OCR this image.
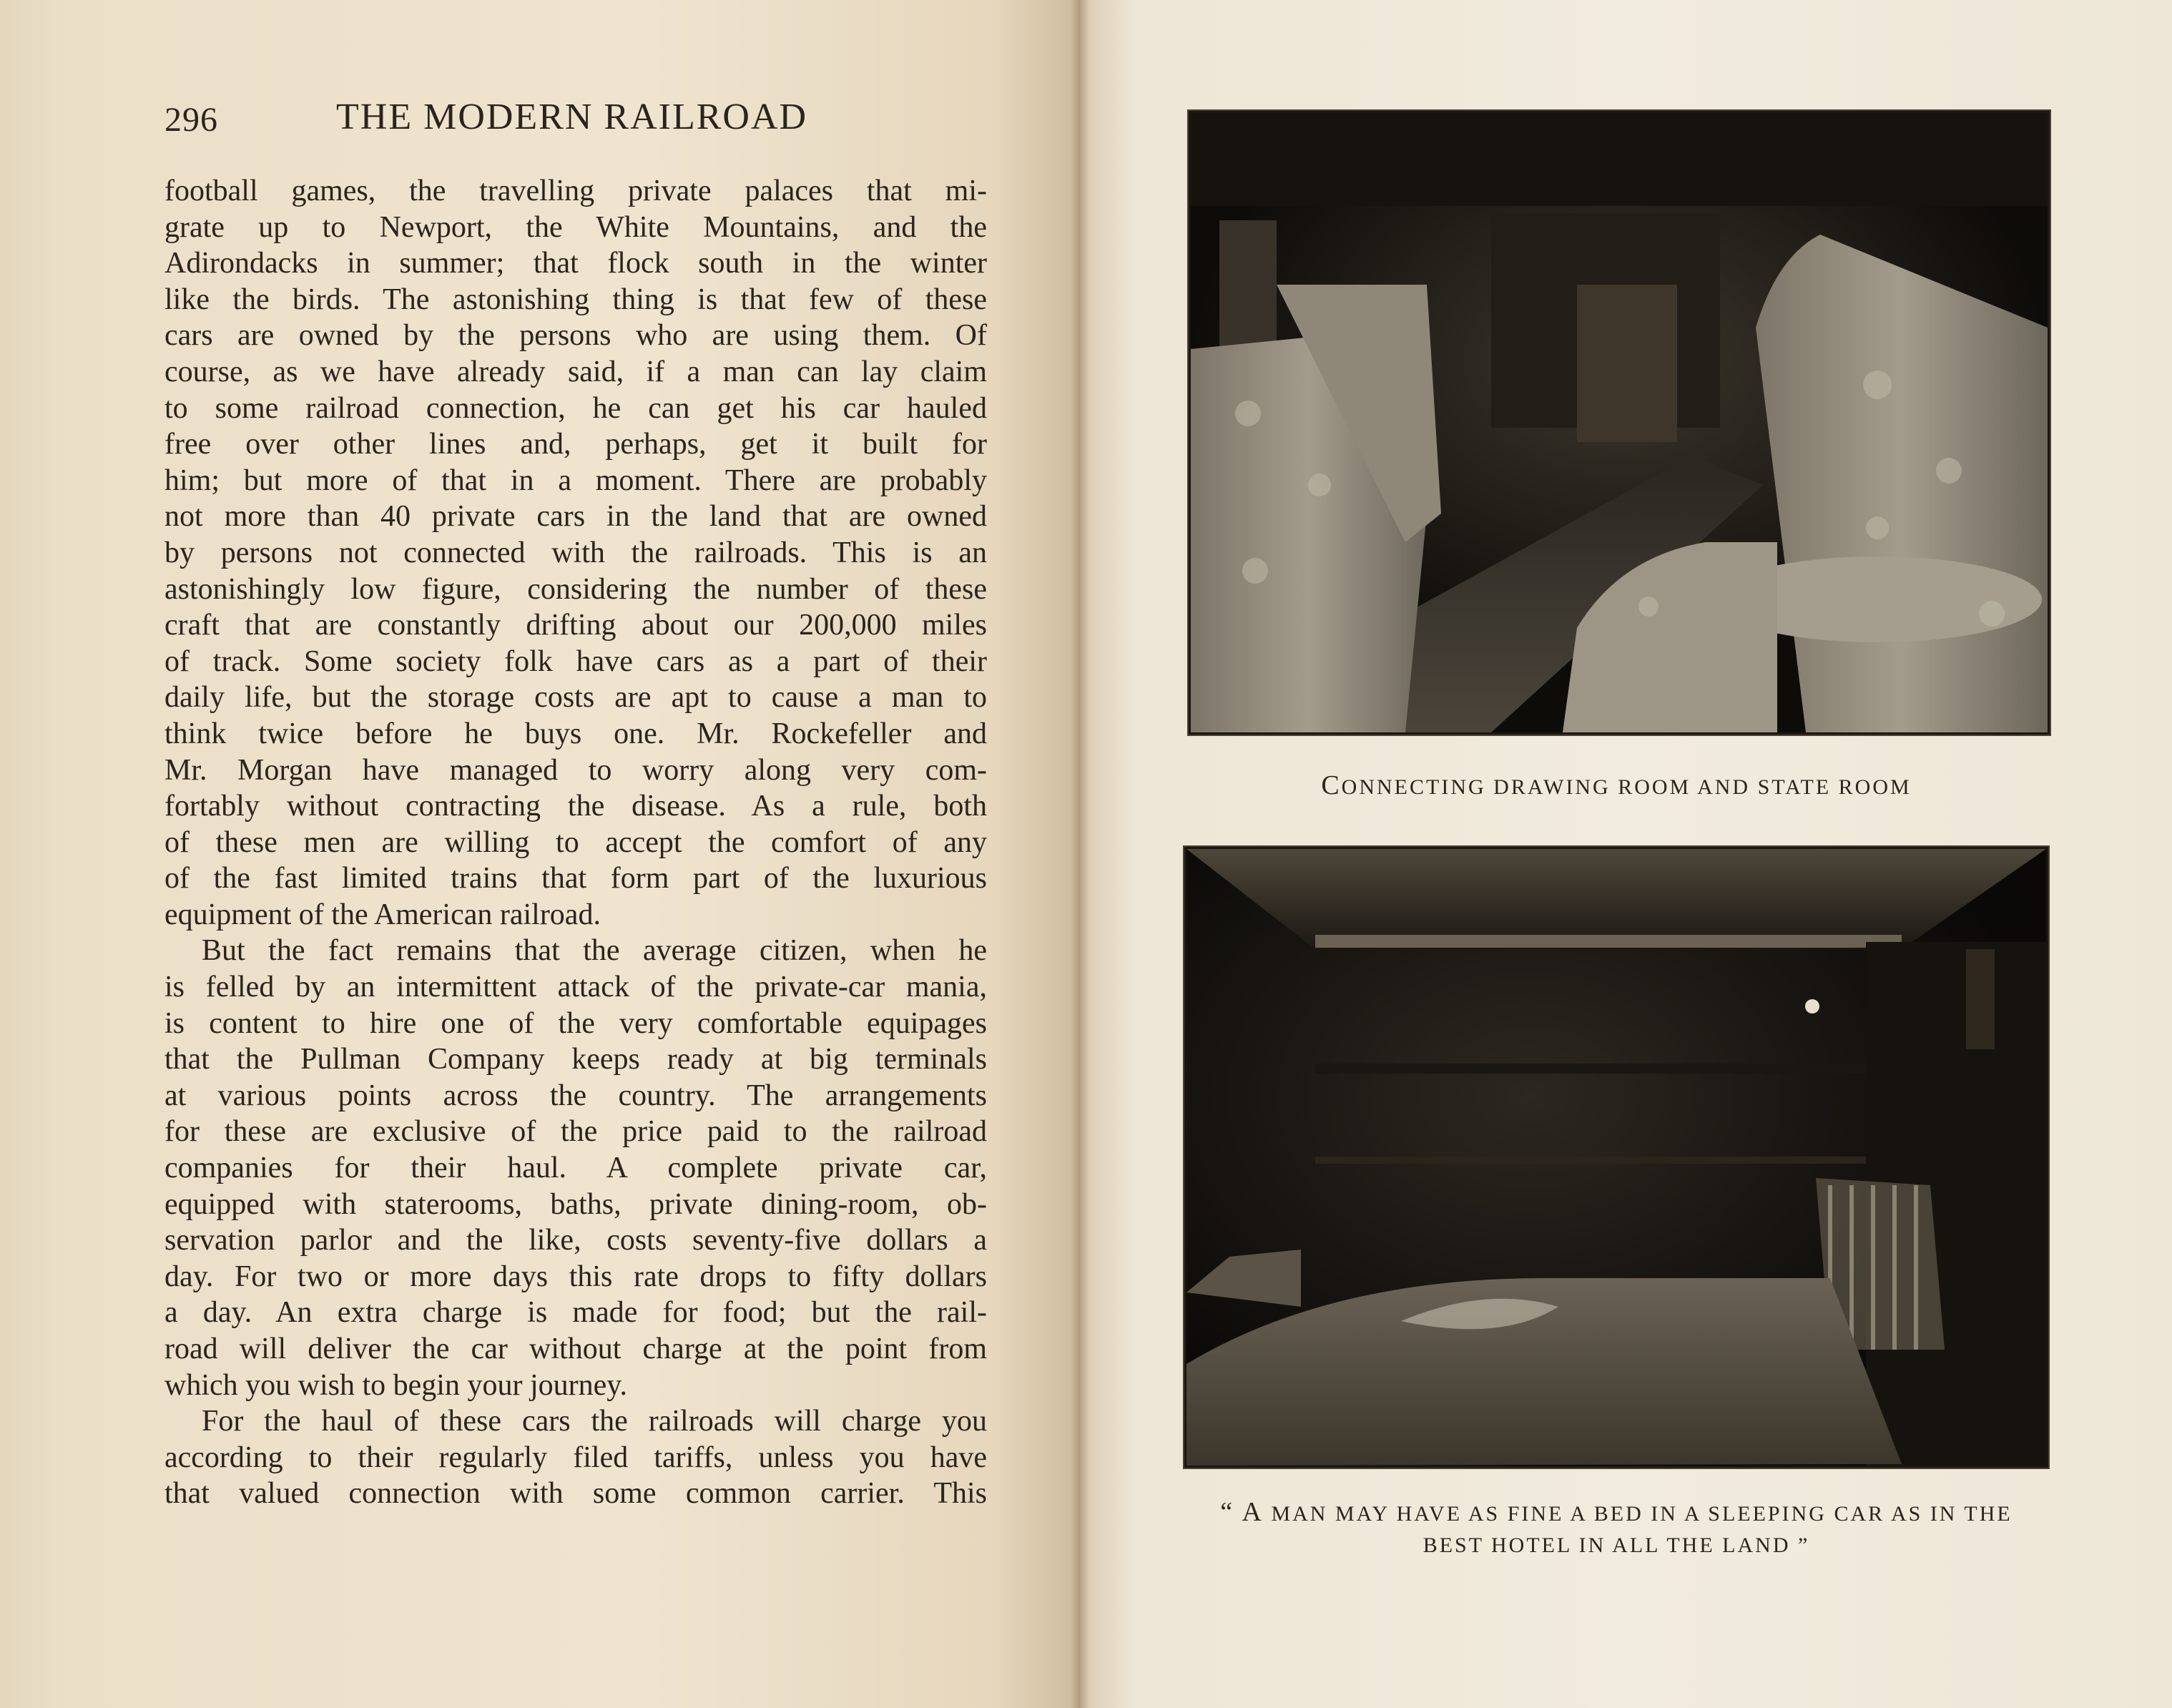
296	THE MODERN RAILROAD
football games, the travelling private palaces that mi-
grate up to Newport, the White Mountains, and the
Adirondacks in summer; that flock south in the winter
like the birds. The astonishing thing is that few of these
cars are owned by the persons who are using them. Of
course, as we have already said, if a man can lay claim
to some railroad connection, he can get his car hauled
free over other lines and, perhaps, get it built for
him; but more of that in a moment. There are probably
not more than 40 private cars in the land that are owned
by persons not connected with the railroads. This is an
astonishingly low figure, considering the number of these
craft that are constantly drifting about our 200,000 miles
of track. Some society folk have cars as a part of their
daily life, but the storage costs are apt to cause a man to
think twice before he buys one. Mr. Rockefeller and
Mr. Morgan have managed to worry along very com-
fortably without contracting the disease. As a rule, both
of these men are willing to accept the comfort of any
of the fast limited trains that form part of the luxurious
equipment of the American railroad.
But the fact remains that the average citizen, when he
is felled by an intermittent attack of the private-car mania,
is content to hire one of the very comfortable equipages
that the Pullman Company keeps ready at big terminals
at various points across the country. The arrangements
for these are exclusive of the price paid to the railroad
companies for their haul. A complete private car,
equipped with staterooms, baths, private dining-room, ob-
servation parlor and the like, costs seventy-five dollars a
day. For two or more days this rate drops to fifty dollars
a day. An extra charge is made for food; but the rail-
road will deliver the car without charge at the point from
which you wish to begin your journey.
For the haul of these cars the railroads will charge you
according to their regularly filed tariffs, unless you have
that valued connection with some common carrier. This
CONNECTING DRAWING ROOM AND STATE ROOM
“ A MAN MAY HAVE AS FINE A BED IN A SLEEPING CAR AS IN THE
BEST HOTEL IN ALL THE LAND ”
